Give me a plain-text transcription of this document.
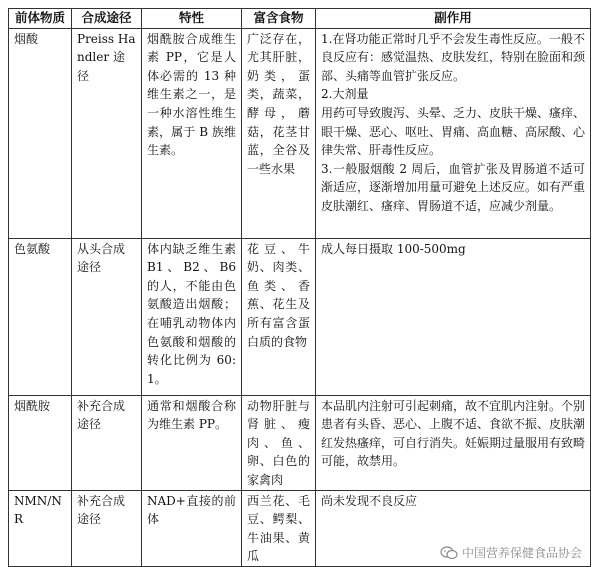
前体物质	合成途径	特性	富含食物	副作用
烟酸	Preiss Handler 途径	烟酰胺合成维生素 PP，它是人体必需的 13 种维生素之一，是一种水溶性维生素，属于 B 族维生素。	广泛存在，尤其肝脏，奶类，蛋类，蔬菜，酵母，蘑菇，花茎甘蓝，全谷及一些水果	1.在肾功能正常时几乎不会发生毒性反应。一般不良反应有：感觉温热、皮肤发红，特别在脸面和颈部、头痛等血管扩张反应。
2.大剂量
用药可导致腹泻、头晕、乏力、皮肤干燥、瘙痒、眼干燥、恶心、呕吐、胃痛、高血糖、高尿酸、心律失常、肝毒性反应。
3.一般服烟酸 2 周后，血管扩张及胃肠道不适可渐适应，逐渐增加用量可避免上述反应。如有严重皮肤潮红、瘙痒、胃肠道不适，应减少剂量。

色氨酸	从头合成途径	体内缺乏维生素 B1、B2、B6 的人，不能由色氨酸造出烟酸；在哺乳动物体内色氨酸和烟酸的转化比例为 60:1。	花豆、牛奶、肉类、鱼类、香蕉、花生及所有富含蛋白质的食物	成人每日摄取 100-500mg
烟酰胺	补充合成途径	通常和烟酸合称为维生素 PP。	动物肝脏与肾脏、瘦肉、鱼、卵、白色的家禽肉	本品肌内注射可引起刺痛，故不宜肌内注射。个别患者有头昏、恶心、上腹不适、食欲不振、皮肤潮红发热瘙痒，可自行消失。妊娠期过量服用有致畸可能，故禁用。
NMN/NR	补充合成途径	NAD+直接的前体	西兰花、毛豆、鳄梨、牛油果、黄瓜	尚未发现不良反应
中国营养保健食品协会
